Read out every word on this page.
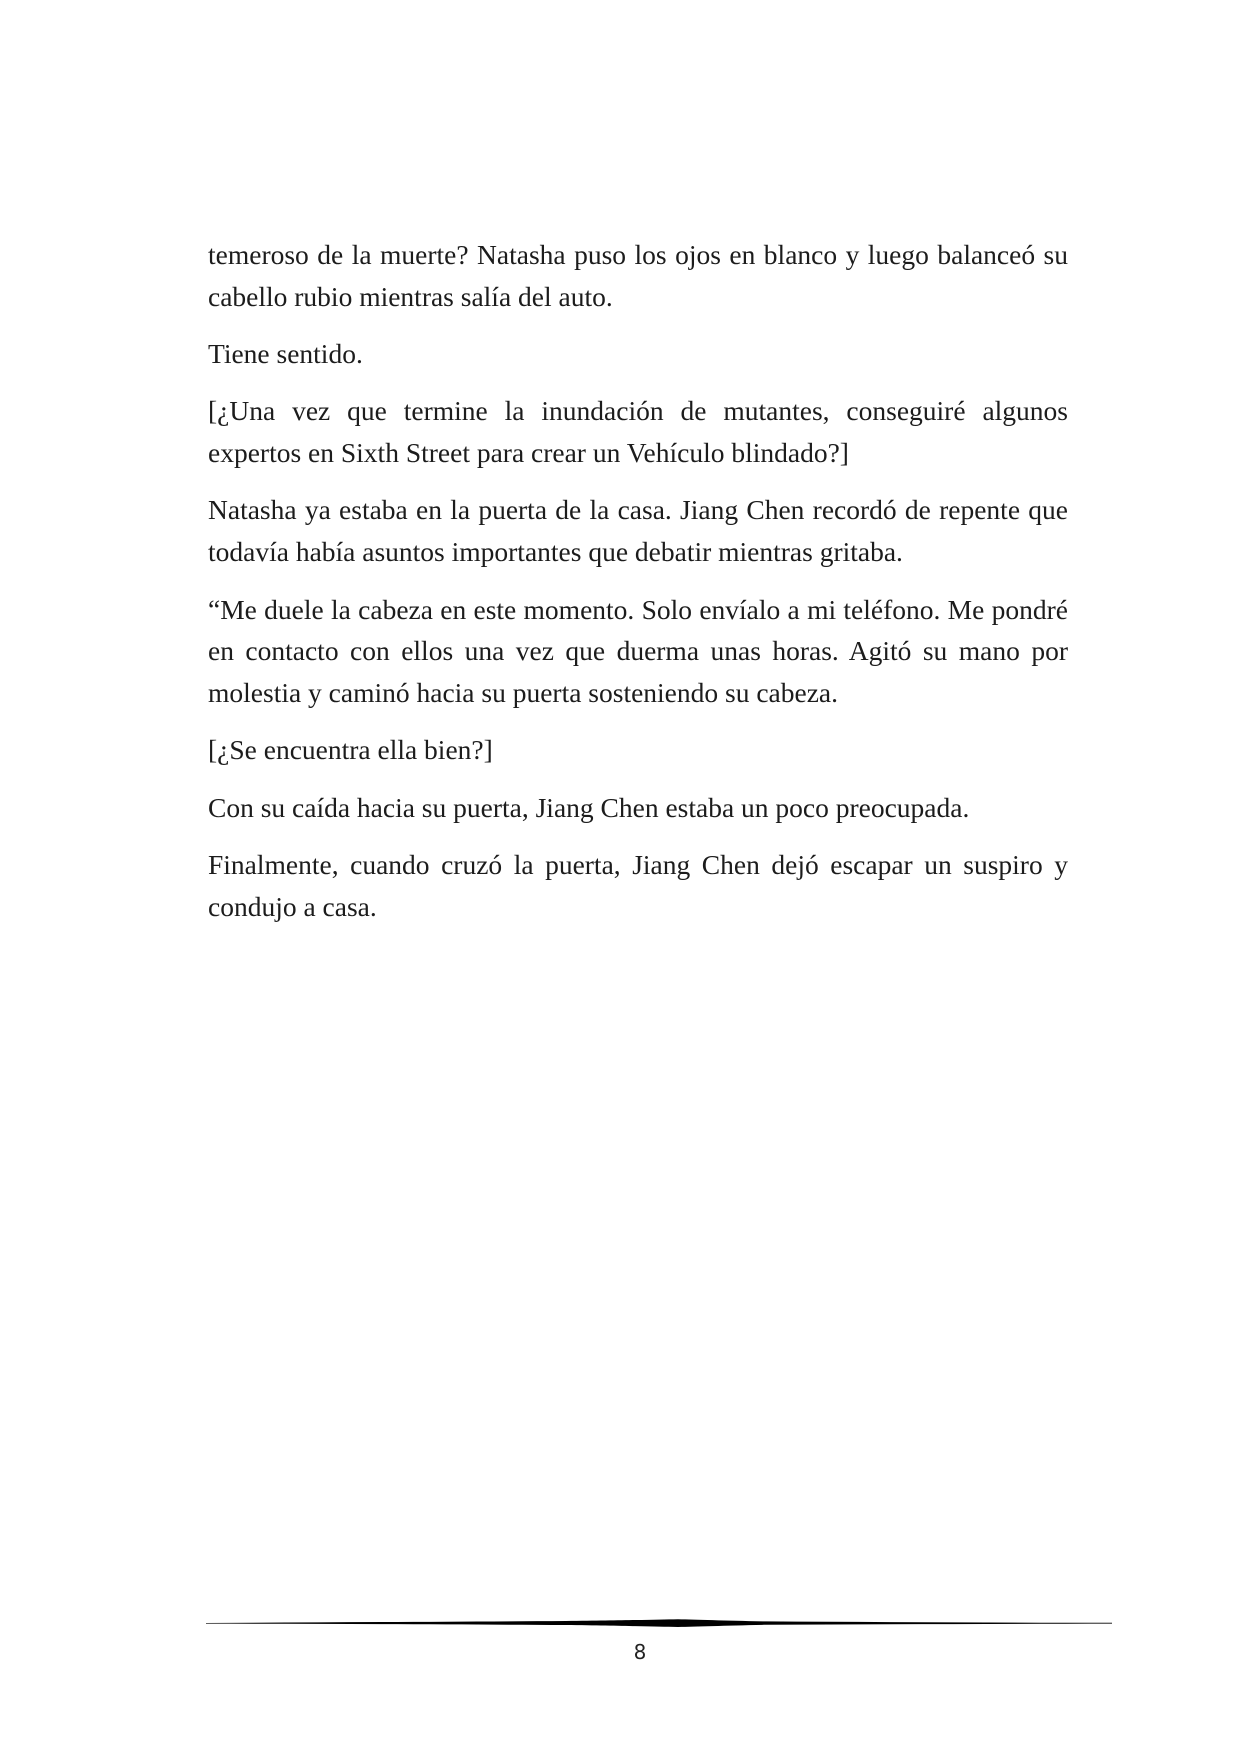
temeroso de la muerte? Natasha puso los ojos en blanco y luego balanceó su cabello rubio mientras salía del auto.

Tiene sentido.

[¿Una vez que termine la inundación de mutantes, conseguiré algunos expertos en Sixth Street para crear un Vehículo blindado?]

Natasha ya estaba en la puerta de la casa. Jiang Chen recordó de repente que todavía había asuntos importantes que debatir mientras gritaba.

“Me duele la cabeza en este momento. Solo envíalo a mi teléfono. Me pondré en contacto con ellos una vez que duerma unas horas. Agitó su mano por molestia y caminó hacia su puerta sosteniendo su cabeza.

[¿Se encuentra ella bien?]

Con su caída hacia su puerta, Jiang Chen estaba un poco preocupada.

Finalmente, cuando cruzó la puerta, Jiang Chen dejó escapar un suspiro y condujo a casa.

8
